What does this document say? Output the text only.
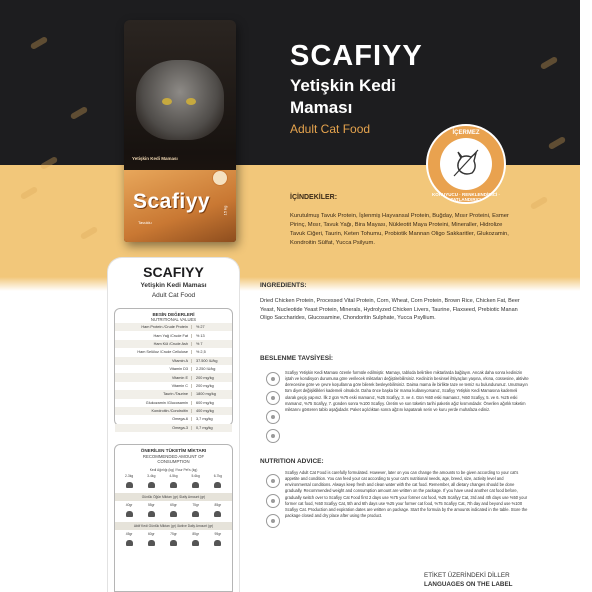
Yetişkin Kedi Maması
Scafiyy
Tavuklu
15 kg
SCAFIYY
Yetişkin Kedi
Maması
Adult Cat Food	İÇERMEZ
KORUYUCU · RENKLENDİRİCİ · TATLANDIRICI
İÇİNDEKİLER:
Kurutulmuş Tavuk Protein, İşlenmiş Hayvansal Protein, Buğday, Mısır Proteini, Esmer Pirinç, Mısır, Tavuk Yağı, Bira Mayası, Nükleotit Maya Proteini, Mineraller, Hidrolize Tavuk Ciğeri, Taurin, Keten Tohumu, Probiotik Mannan Oligo Sakkaritler, Glukozamin, Kondroitin Sülfat, Yucca Psilyum.
SCAFIYY
Yetişkin Kedi Maması
Adult Cat Food
BESİN DEĞERLERİ
NUTRITIONAL VALUES
Ham Protein /Crude Protein	% 27
Ham Yağ /Crude Fat	% 13
Ham Kül /Crude Ash	% 7
Ham Selüloz /Crude Cellulose	% 2,5
Vitamin A	37.500 IU/kg
Vitamin D3	2.250 IU/kg
Vitamin E	200 mg/kg
Vitamin C	200 mg/kg
Taurin /Taurine	1800 mg/kg
Glukozamin /Glucosamin	600 mg/kg
Kondroitin /Condroitin	400 mg/kg
Omega-6	3,7 mg/kg
Omega-3	0,7 mg/kg
ÖNERİLEN TÜKETİM MİKTARI
RECOMMENDED AMOUNT OF
CONSUMPTION
Kedi Ağırlığı (kg) /Your Pet's (kg)
2-3kg	3-4kg	4-5kg	5-6kg	6-7kg
Günlük Öğün Miktarı (gr) /Daily Amount (gr)
40gr	55gr	65gr	75gr	85gr
Aktif Kedi Günlük Miktarı (gr) /Active Daily Amount (gr)
45gr	60gr	75gr	85gr	95gr
INGREDIENTS:
Dried Chicken Protein, Processed Vital Protein, Corn, Wheat, Corn Protein, Brown Rice, Chicken Fat, Beer Yeast, Nucleotide Yeast Protein, Minerals, Hydrolyzed Chicken Livers, Taurine, Flaxseed, Prebiotic Manan Oligo Saccharides, Glucosamine, Chondoritin Sulphate, Yucca Psyllium.
BESLENME TAVSİYESİ:
Scafiyy Yetişkin Kedi Maması özenle formüle edilmiştir. Mamayı, tabloda belirtilen miktarlarda bağlayın. Ancak daha sonra kedinizin iştah ve kondisyon durumuna göre verilecek miktarları değiştirebilirsiniz. Kedinizin besinsel ihtiyaçları yaşına, ırkına, cüssesine, aktivite derecesine göre ve çevre koşullarına göre bilerek besleyebilirsiniz. Daima mama ile birlikte taze ve temiz su bulundurunuz. Unutmayın tüm diyet değişiklikleri kademeli olmalıdır. Daha önce başka bir mama kullanıyorsanız, Scafiyy Yetişkin Kedi Mamasına kademeli olarak geçiş yapınız. İlk 2 gün %75 eski mamanız, %25 Scafiyy, 3. ve 4. Gün %50 eski mamanız, %50 Scafiyy, 5. ve 6. %25 eski mamanız, %75 Scafiyy, 7. günden sonra %100 Scafiyy. Üretim ve son tüketim tarihi paketin ağız kısmındadır. Önerilen ağırlık tüketim miktarını gösteren tablo aşağıdadır. Paket açıldıktan sonra ağzını kapatarak serin ve kuru yerde muhafaza ediniz.
NUTRITION ADVICE:
Scafiyy Adult Cat Food is carefully formulated. However, later on you can change the amounts to be given according to your cat's appetite and condition. You can feed your cat according to your cat's nutritional needs, age, breed, size, activity level and environmental conditions. Always keep fresh and clean water with the cat food. Remember, all dietary changes should be done gradually. Recommended weight and consumption amount are written on the package. If you have used another cat food before, gradually switch over to Scafiyy Cat Food first 2 days use %75 your former cat food, %25 Scafiyy Cat, 3rd and 4th days use %50 your former cat food, %50 Scafiyy Cat, 5th and 6th days use %25 your former cat food, %75 Scafiyy Cat, 7th day and beyond use %100 Scafiyy Cat. Production and expiration dates are written on package. Start the formula by the amounts indicated in the table. Store the package closed and dry place after using the product.
ETİKET ÜZERİNDEKİ DİLLER
LANGUAGES ON THE LABEL
